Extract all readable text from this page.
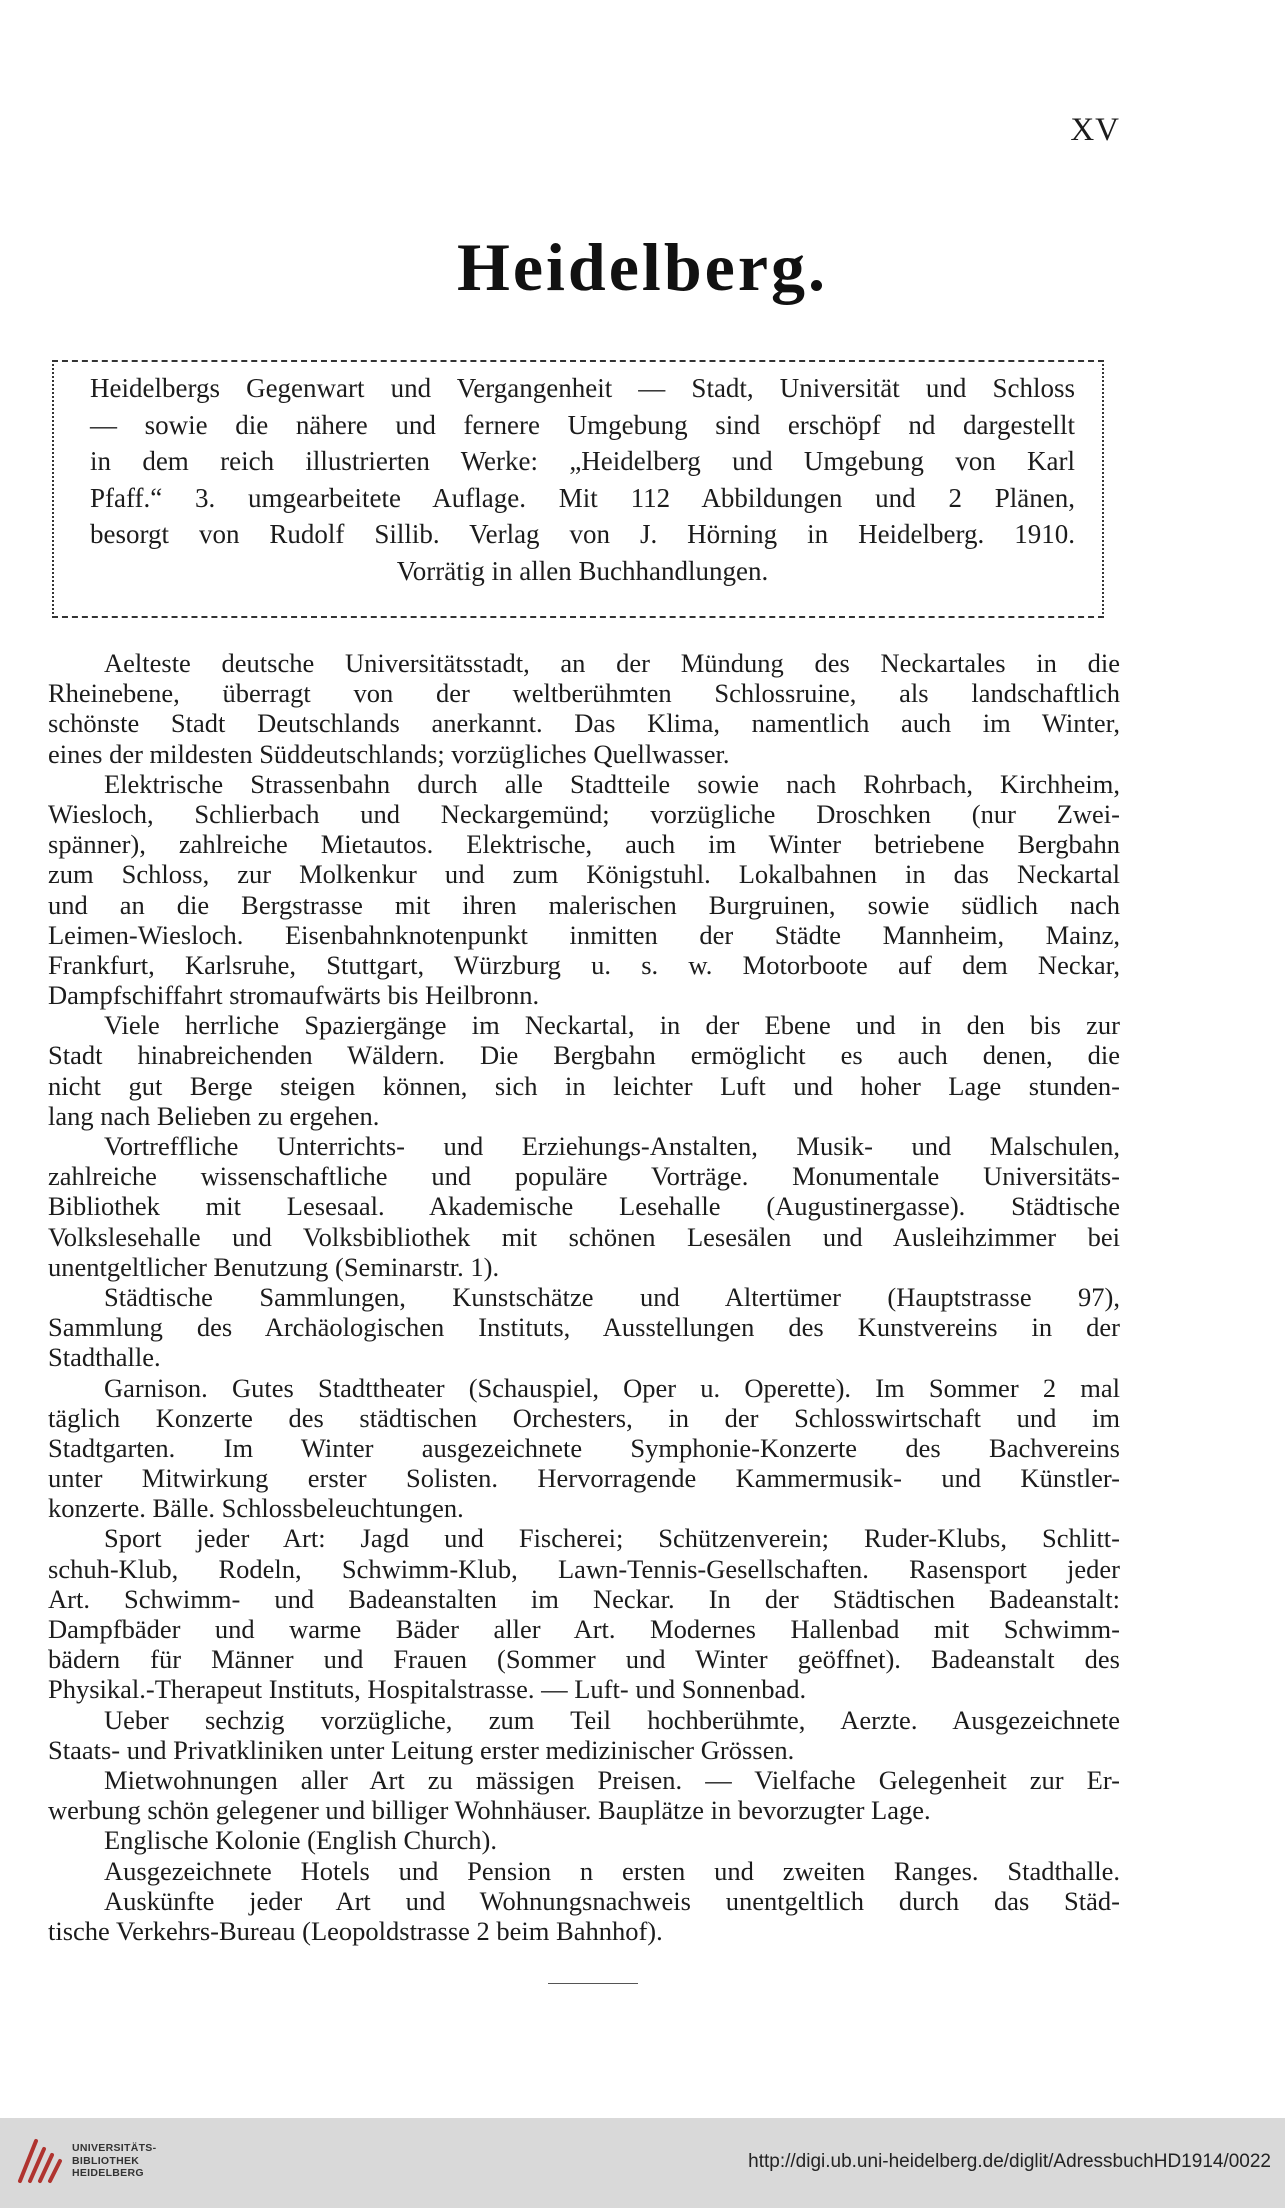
XV
Heidelberg.
Heidelbergs Gegenwart und Vergangenheit — Stadt, Universität und Schloss
— sowie die nähere und fernere Umgebung sind erschöpf nd dargestellt
in dem reich illustrierten Werke: „Heidelberg und Umgebung von Karl
Pfaff.“ 3. umgearbeitete Auflage. Mit 112 Abbildungen und 2 Plänen,
besorgt von Rudolf Sillib. Verlag von J. Hörning in Heidelberg. 1910.
Vorrätig in allen Buchhandlungen.
Aelteste deutsche Universitätsstadt, an der Mündung des Neckartales in die
Rheinebene, überragt von der weltberühmten Schlossruine, als landschaftlich
schönste Stadt Deutschlands anerkannt. Das Klima, namentlich auch im Winter,
eines der mildesten Süddeutschlands; vorzügliches Quellwasser.
Elektrische Strassenbahn durch alle Stadtteile sowie nach Rohrbach, Kirchheim,
Wiesloch, Schlierbach und Neckargemünd; vorzügliche Droschken (nur Zwei-
spänner), zahlreiche Mietautos. Elektrische, auch im Winter betriebene Bergbahn
zum Schloss, zur Molkenkur und zum Königstuhl. Lokalbahnen in das Neckartal
und an die Bergstrasse mit ihren malerischen Burgruinen, sowie südlich nach
Leimen-Wiesloch. Eisenbahnknotenpunkt inmitten der Städte Mannheim, Mainz,
Frankfurt, Karlsruhe, Stuttgart, Würzburg u. s. w. Motorboote auf dem Neckar,
Dampfschiffahrt stromaufwärts bis Heilbronn.
Viele herrliche Spaziergänge im Neckartal, in der Ebene und in den bis zur
Stadt hinabreichenden Wäldern. Die Bergbahn ermöglicht es auch denen, die
nicht gut Berge steigen können, sich in leichter Luft und hoher Lage stunden-
lang nach Belieben zu ergehen.
Vortreffliche Unterrichts- und Erziehungs-Anstalten, Musik- und Malschulen,
zahlreiche wissenschaftliche und populäre Vorträge. Monumentale Universitäts-
Bibliothek mit Lesesaal. Akademische Lesehalle (Augustinergasse). Städtische
Volkslesehalle und Volksbibliothek mit schönen Lesesälen und Ausleihzimmer bei
unentgeltlicher Benutzung (Seminarstr. 1).
Städtische Sammlungen, Kunstschätze und Altertümer (Hauptstrasse 97),
Sammlung des Archäologischen Instituts, Ausstellungen des Kunstvereins in der
Stadthalle.
Garnison. Gutes Stadttheater (Schauspiel, Oper u. Operette). Im Sommer 2 mal
täglich Konzerte des städtischen Orchesters, in der Schlosswirtschaft und im
Stadtgarten. Im Winter ausgezeichnete Symphonie-Konzerte des Bachvereins
unter Mitwirkung erster Solisten. Hervorragende Kammermusik- und Künstler-
konzerte. Bälle. Schlossbeleuchtungen.
Sport jeder Art: Jagd und Fischerei; Schützenverein; Ruder-Klubs, Schlitt-
schuh-Klub, Rodeln, Schwimm-Klub, Lawn-Tennis-Gesellschaften. Rasensport jeder
Art. Schwimm- und Badeanstalten im Neckar. In der Städtischen Badeanstalt:
Dampfbäder und warme Bäder aller Art. Modernes Hallenbad mit Schwimm-
bädern für Männer und Frauen (Sommer und Winter geöffnet). Badeanstalt des
Physikal.-Therapeut Instituts, Hospitalstrasse. — Luft- und Sonnenbad.
Ueber sechzig vorzügliche, zum Teil hochberühmte, Aerzte. Ausgezeichnete
Staats- und Privatkliniken unter Leitung erster medizinischer Grössen.
Mietwohnungen aller Art zu mässigen Preisen. — Vielfache Gelegenheit zur Er-
werbung schön gelegener und billiger Wohnhäuser. Bauplätze in bevorzugter Lage.
Englische Kolonie (English Church).
Ausgezeichnete Hotels und Pension n ersten und zweiten Ranges. Stadthalle.
Auskünfte jeder Art und Wohnungsnachweis unentgeltlich durch das Städ-
tische Verkehrs-Bureau (Leopoldstrasse 2 beim Bahnhof).
UNIVERSITÄTS-
BIBLIOTHEK
HEIDELBERG
http://digi.ub.uni-heidelberg.de/diglit/AdressbuchHD1914/0022
